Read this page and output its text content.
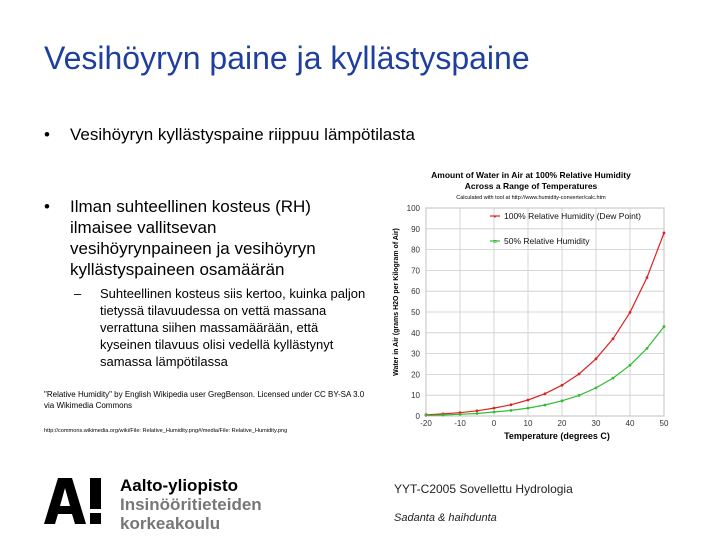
Vesihöyryn paine ja kyllästyspaine
• Vesihöyryn kyllästyspaine riippuu lämpötilasta
• Ilman suhteellinen kosteus (RH) ilmaisee vallitsevan vesihöyrynpaineen ja vesihöyryn kyllästyspaineen osamäärän
– Suhteellinen kosteus siis kertoo, kuinka paljon tietyssä tilavuudessa on vettä massana verrattuna siihen massamäärään, että kyseinen tilavuus olisi vedellä kyllästynyt samassa lämpötilassa
"Relative Humidity" by English Wikipedia user GregBenson. Licensed under CC BY-SA 3.0 via Wikimedia Commons
http://commons.wikimedia.org/wiki/File: Relative_Humidity.png#/media/File: Relative_Humidity.png
Amount of Water in Air at 100% Relative Humidity
Across a Range of Temperatures
Calculated with tool at http://www.humidity-converter/calc.htm
Water in Air (grams H2O per Kilogram of Air)
Temperature (degrees C)
0
10
20
30
40
50
60
70
80
90
100
-20	-10	0	10	20	30	40	50
• 100% Relative Humidity (Dew Point)
= 50% Relative Humidity
Aalto-yliopisto
Insinööritieteiden
korkeakoulu
YYT-C2005 Sovellettu Hydrologia
Sadanta & haihdunta
